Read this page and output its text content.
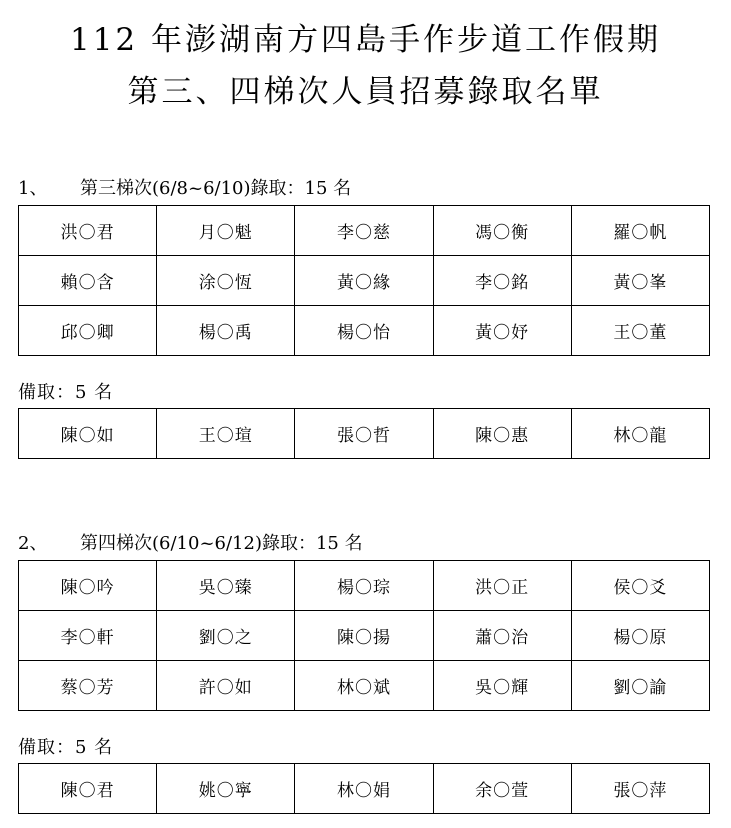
112 年澎湖南方四島手作步道工作假期
第三、四梯次人員招募錄取名單
1、 第三梯次(6/8~6/10)錄取：15 名
洪〇君	月〇魁	李〇慈	馮〇衡	羅〇帆
賴〇含	涂〇恆	黃〇緣	李〇銘	黃〇峯
邱〇卿	楊〇禹	楊〇怡	黃〇妤	王〇董
備取：5 名
陳〇如	王〇瑄	張〇哲	陳〇惠	林〇龍
2、 第四梯次(6/10~6/12)錄取：15 名
陳〇吟	吳〇臻	楊〇琮	洪〇正	侯〇爻
李〇軒	劉〇之	陳〇揚	蕭〇治	楊〇原
蔡〇芳	許〇如	林〇斌	吳〇輝	劉〇諭
備取：5 名
陳〇君	姚〇寧	林〇娟	余〇萱	張〇萍
